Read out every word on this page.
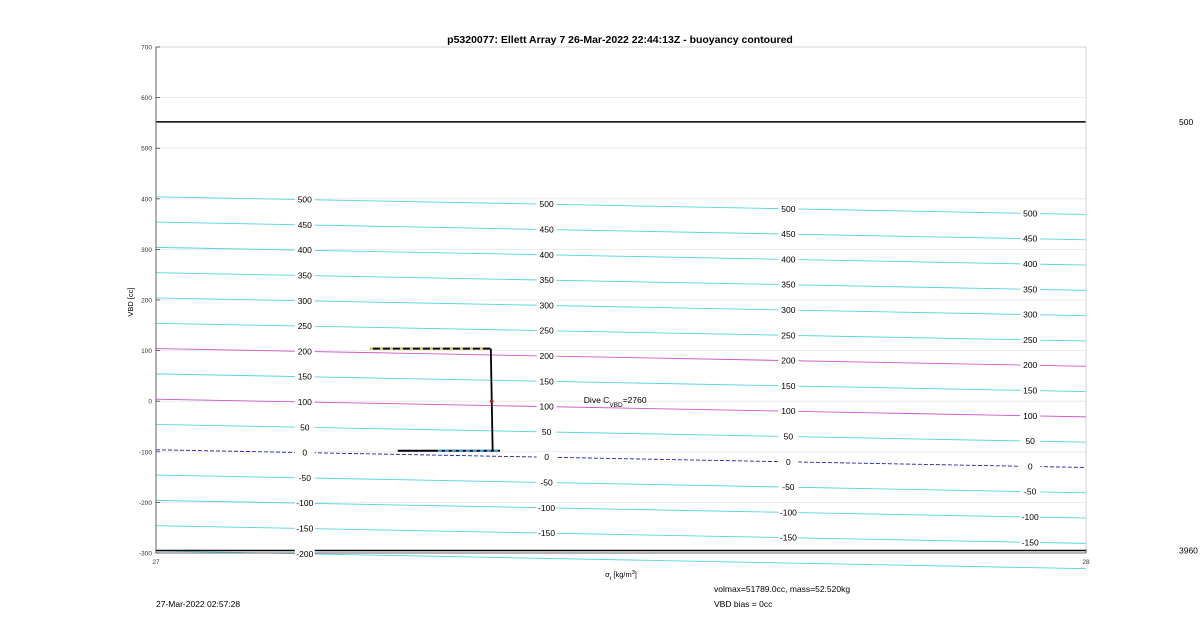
500
3960
-300
-200
-100
0
100
200
300
400
500
600
700
27	28
-200
-150
-100
-50
0
50
100
150
200
250
300
350
400
450
500
-150
-100
-50
0
50
100
150
200
250
300
350
400
450
500
-150
-100
-50
0
50
100
150
200
250
300
350
400
450
500
-150
-100
-50
0
50
100
150
200
250
300
350
400
450
500
p5320077: Ellett Array 7 26-Mar-2022 22:44:13Z - buoyancy contoured
VBD [cc]
$\sigma_t$ $[kg/m^3]$
Dive $C_{VBD}=2760$
27-Mar-2022 02:57:28
volmax=51789.0cc, mass=52.520kg
VBD bias = 0cc
